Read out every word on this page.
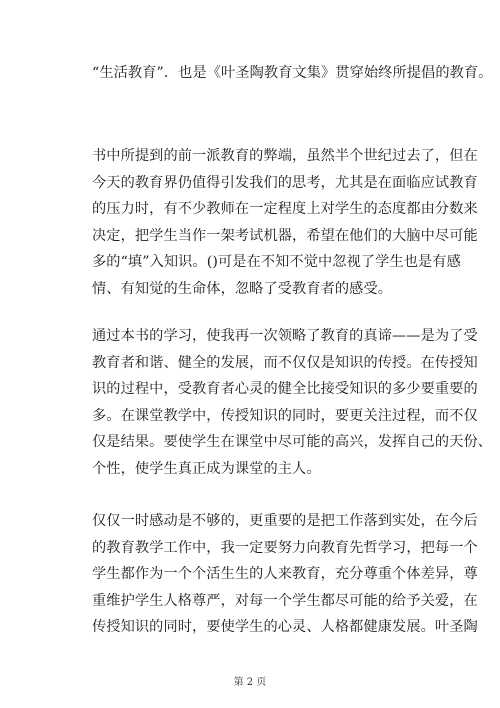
“生活教育”．也是《叶圣陶教育文集》贯穿始终所提倡的教育。

书中所提到的前一派教育的弊端，虽然半个世纪过去了，但在
今天的教育界仍值得引发我们的思考，尤其是在面临应试教育
的压力时，有不少教师在一定程度上对学生的态度都由分数来
决定，把学生当作一架考试机器，希望在他们的大脑中尽可能
多的“填”入知识。()可是在不知不觉中忽视了学生也是有感
情、有知觉的生命体，忽略了受教育者的感受。

通过本书的学习，使我再一次领略了教育的真谛——是为了受
教育者和谐、健全的发展，而不仅仅是知识的传授。在传授知
识的过程中，受教育者心灵的健全比接受知识的多少要重要的
多。在课堂教学中，传授知识的同时，要更关注过程，而不仅
仅是结果。要使学生在课堂中尽可能的高兴，发挥自己的天份、
个性，使学生真正成为课堂的主人。

仅仅一时感动是不够的，更重要的是把工作落到实处，在今后
的教育教学工作中，我一定要努力向教育先哲学习，把每一个
学生都作为一个个活生生的人来教育，充分尊重个体差异，尊
重维护学生人格尊严，对每一个学生都尽可能的给予关爱，在
传授知识的同时，要使学生的心灵、人格都健康发展。叶圣陶

第 2 页
